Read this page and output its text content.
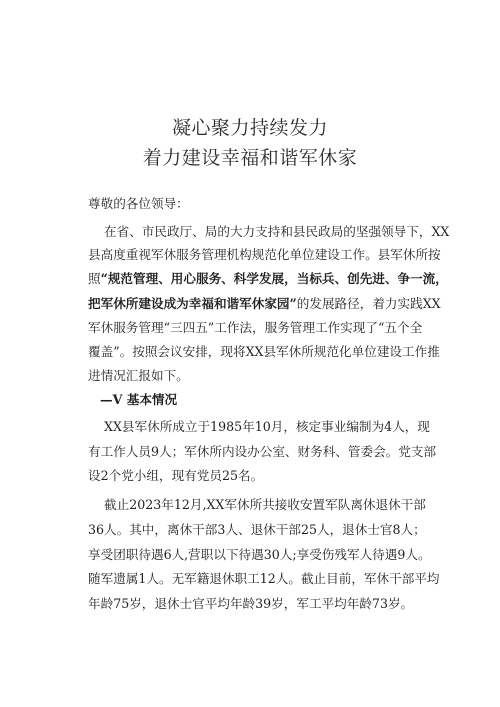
凝心聚力持续发力
着力建设幸福和谐军休家
尊敬的各位领导：
在省、市民政厅、局的大力支持和县民政局的坚强领导下，XX
县高度重视军休服务管理机构规范化单位建设工作。县军休所按
照“规范管理、用心服务、科学发展，当标兵、创先进、争一流，
把军休所建设成为幸福和谐军休家园”的发展路径，着力实践XX
军休服务管理“三四五”工作法，服务管理工作实现了“五个全
覆盖”。按照会议安排，现将XX县军休所规范化单位建设工作推
进情况汇报如下。
—V 基本情况
XX县军休所成立于1985年10月，核定事业编制为4人，现
有工作人员9人；军休所内设办公室、财务科、管委会。党支部
设2个党小组，现有党员25名。
截止2023年12月,XX军休所共接收安置军队离休退休干部
36人。其中，离休干部3人、退休干部25人，退休士官8人；
享受团职待遇6人,营职以下待遇30人;享受伤残军人待遇9人。
随军遗属1人。无军籍退休职工12人。截止目前，军休干部平均
年龄75岁，退休士官平均年龄39岁，军工平均年龄73岁。
